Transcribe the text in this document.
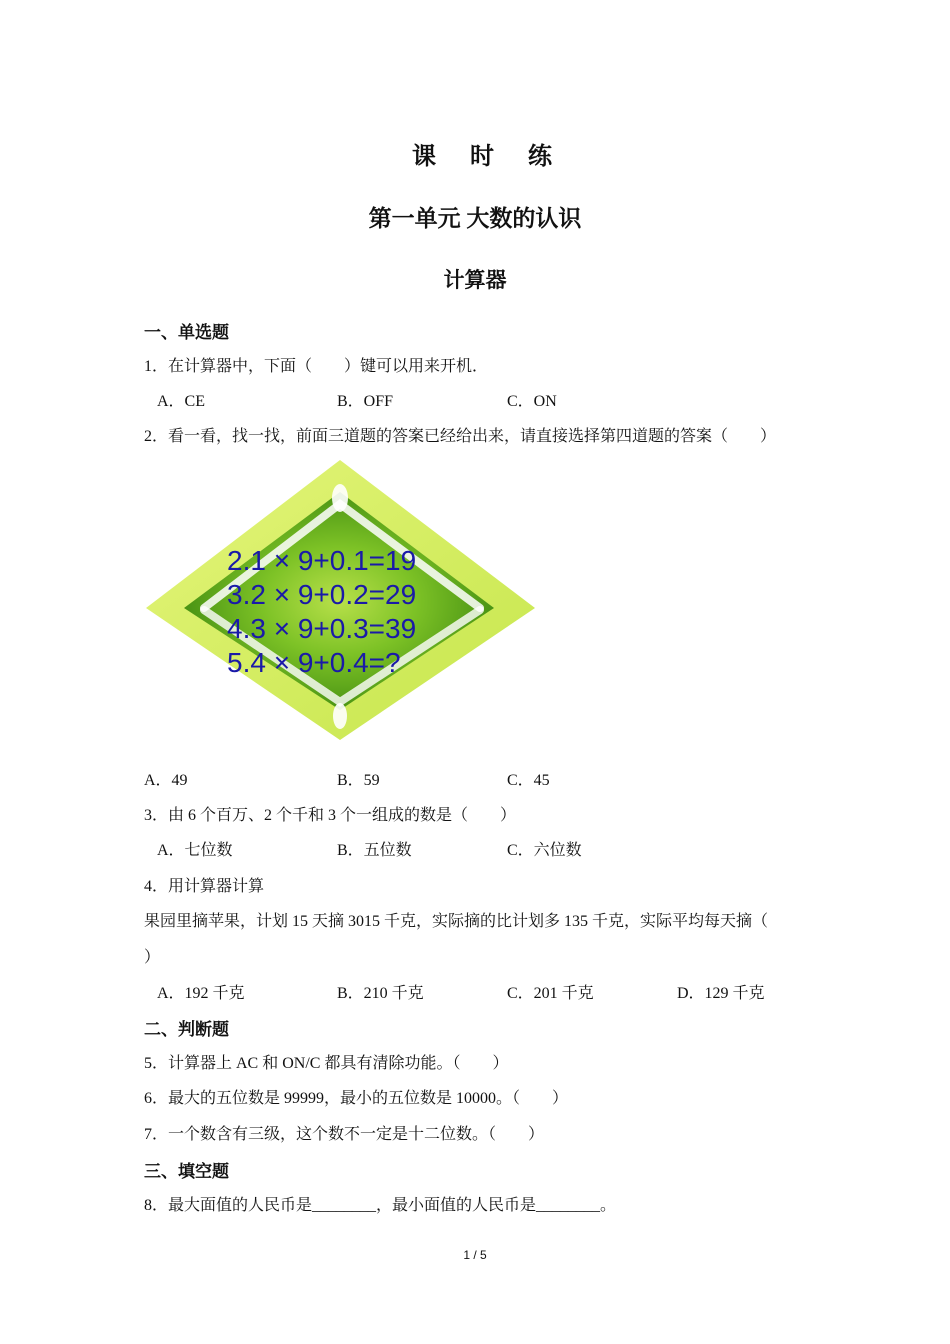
课 时 练
第一单元 大数的认识
计算器
一、单选题
1．在计算器中，下面（　　）键可以用来开机．
A．CE	B．OFF	C．ON
2．看一看，找一找，前面三道题的答案已经给出来，请直接选择第四道题的答案（　　）
2.1 × 9+0.1=19
3.2 × 9+0.2=29
4.3 × 9+0.3=39
5.4 × 9+0.4=?
A．49	B．59	C．45
3．由 6 个百万、2 个千和 3 个一组成的数是（　　）
A．七位数	B．五位数	C．六位数
4．用计算器计算
果园里摘苹果，计划 15 天摘 3015 千克，实际摘的比计划多 135 千克，实际平均每天摘（
）
A．192 千克	B．210 千克	C．201 千克	D．129 千克
二、判断题
5．计算器上 AC 和 ON/C 都具有清除功能。（　　）
6．最大的五位数是 99999，最小的五位数是 10000。（　　）
7．一个数含有三级，这个数不一定是十二位数。（　　）
三、填空题
8．最大面值的人民币是________，最小面值的人民币是________。
1 / 5
